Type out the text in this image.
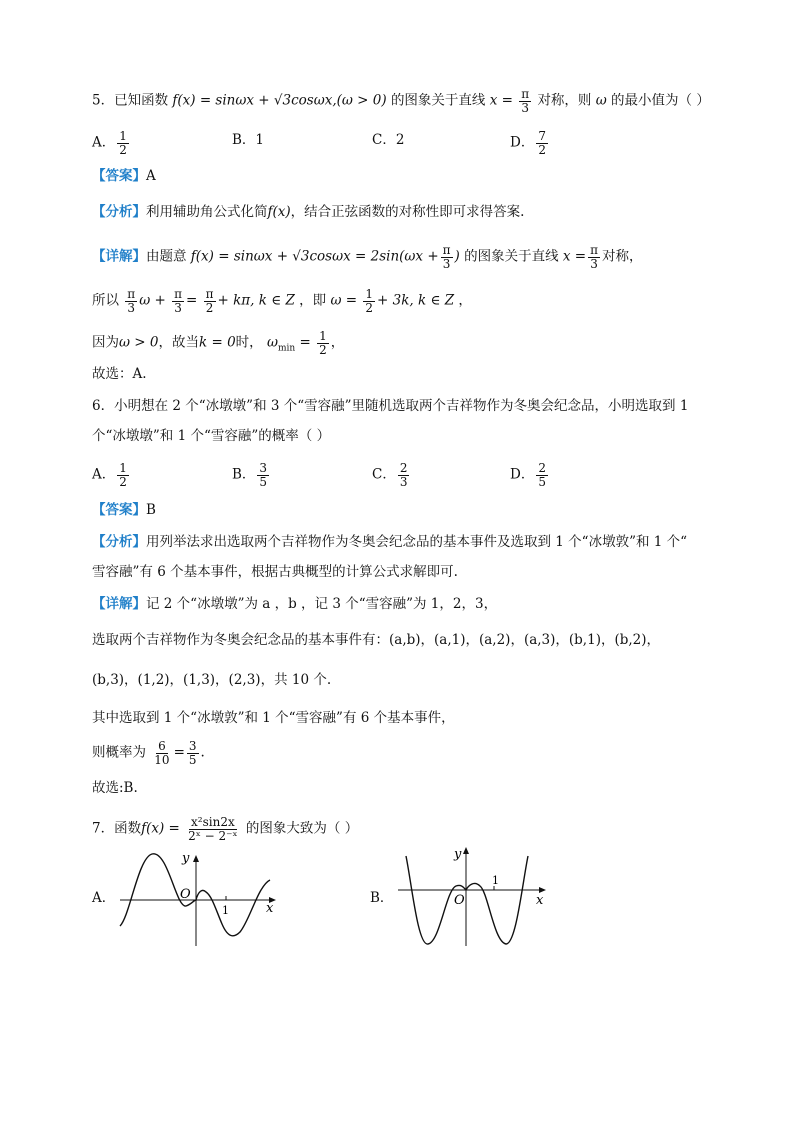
5．已知函数 f(x) = sinωx + √3cosωx,(ω > 0) 的图象关于直线 $x = \frac{\pi}{3}$ 对称，则 ω 的最小值为（ ）
A． $\frac{1}{2}$	B．1	C．2	D． $\frac{7}{2}$
【答案】A
【分析】利用辅助角公式化简f(x)，结合正弦函数的对称性即可求得答案.
【详解】由题意 $f(x) = \sin\omega x + √3\cos\omega x = 2\sin(\omega x + \frac{\pi}{3}$ ) 的图象关于直线 $x = \frac{\pi}{3}$ 对称，
所以 $\frac{\pi}{3}$ $\omega + \frac{\pi}{3} = \frac{\pi}{2} + k\pi$, k ∈ Z ，即 $\omega = \frac{1}{2} + 3k$, k ∈ Z ，
因为ω > 0，故当k = 0时， $\omega_{min} = \frac{1}{2}$ ，
故选：A.
6．小明想在 2 个“冰墩墩”和 3 个“雪容融”里随机选取两个吉祥物作为冬奥会纪念品，小明选取到 1
个“冰墩墩”和 1 个“雪容融”的概率（ ）
A． $\frac{1}{2}$	B． $\frac{3}{5}$	C． $\frac{2}{3}$	D． $\frac{2}{5}$
【答案】B
【分析】用列举法求出选取两个吉祥物作为冬奥会纪念品的基本事件及选取到 1 个“冰墩敦”和 1 个“
雪容融”有 6 个基本事件，根据古典概型的计算公式求解即可.
【详解】记 2 个“冰墩墩”为 a ，b ，记 3 个“雪容融”为 1，2，3，
选取两个吉祥物作为冬奥会纪念品的基本事件有：(a,b)，(a,1)，(a,2)，(a,3)，(b,1)，(b,2)，
(b,3)，(1,2)，(1,3)，(2,3)，共 10 个.
其中选取到 1 个“冰墩敦”和 1 个“雪容融”有 6 个基本事件，
则概率为 $\frac{6}{10} = \frac{3}{5}$ .
故选:B.
7．函数$f(x) = \frac{\text{x²sin2x}}{\text{2ˣ − 2⁻ˣ}}$ 的图象大致为（ ）
A．
x
y
O
1
B．	x
y
O
1
